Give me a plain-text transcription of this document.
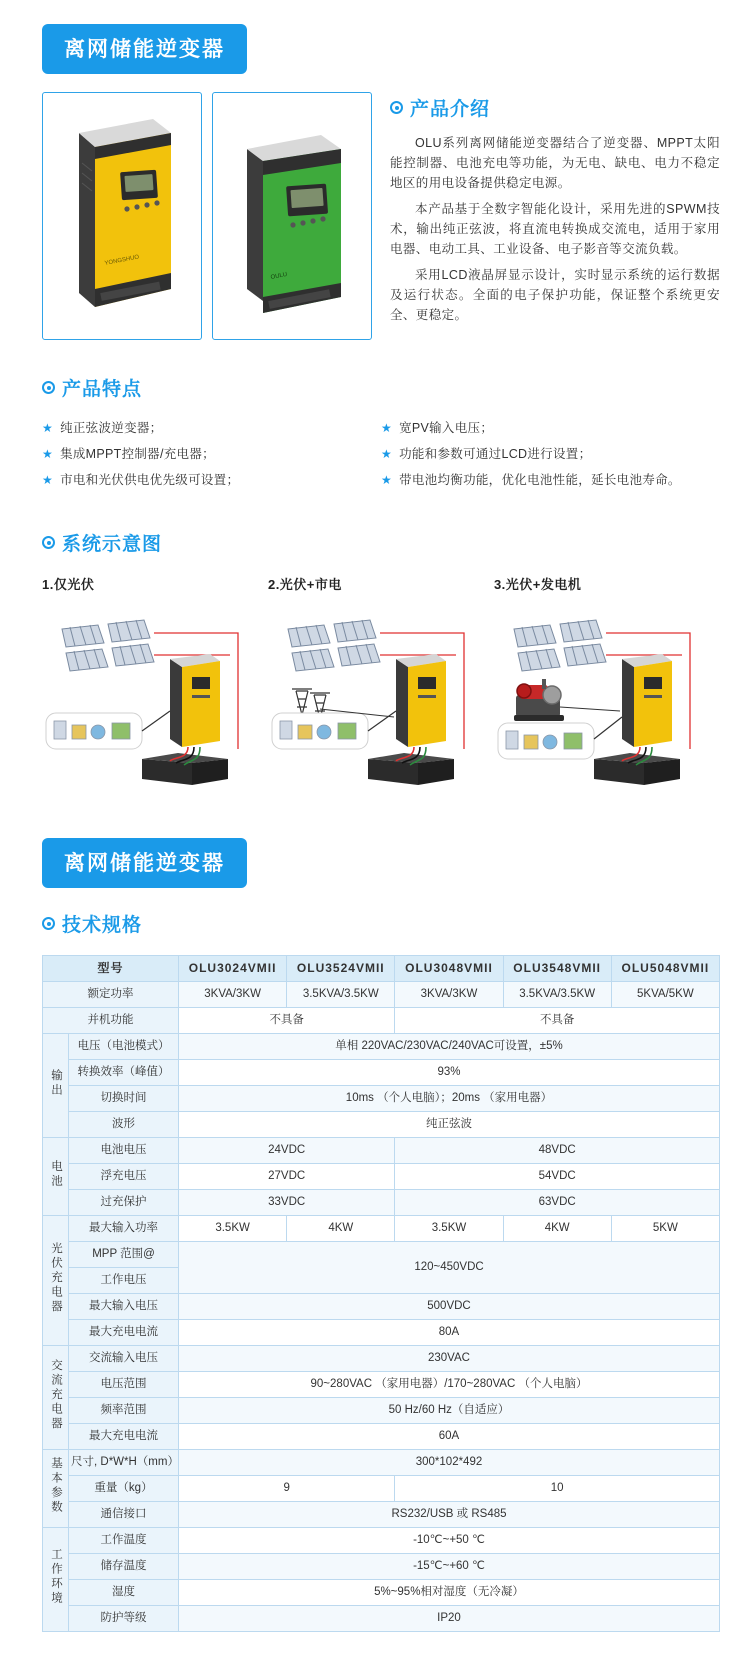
离网储能逆变器
YONGSHUO
OULU
产品介绍

OLU系列离网储能逆变器结合了逆变器、MPPT太阳能控制器、电池充电等功能，为无电、缺电、电力不稳定地区的用电设备提供稳定电源。

本产品基于全数字智能化设计，采用先进的SPWM技术，输出纯正弦波，将直流电转换成交流电，适用于家用电器、电动工具、工业设备、电子影音等交流负载。

采用LCD液晶屏显示设计，实时显示系统的运行数据及运行状态。全面的电子保护功能，保证整个系统更安全、更稳定。

产品特点
★ 纯正弦波逆变器；
★ 集成MPPT控制器/充电器；
★ 市电和光伏供电优先级可设置；
★ 宽PV输入电压；
★ 功能和参数可通过LCD进行设置；
★ 带电池均衡功能，优化电池性能，延长电池寿命。
系统示意图
1.仅光伏	2.光伏+市电	3.光伏+发电机
离网储能逆变器
技术规格
型号		OLU3024VMII	OLU3524VMII	OLU3048VMII	OLU3548VMII	OLU5048VMII
额定功率		3KVA/3KW	3.5KVA/3.5KW	3KVA/3KW	3.5KVA/3.5KW	5KVA/5KW
并机功能		不具备		不具备		
输出	电压（电池模式）	单相 220VAC/230VAC/240VAC可设置，±5%				
	转换效率（峰值）	93%				
	切换时间	10ms （个人电脑）；20ms （家用电器）				
	波形	纯正弦波				
电池	电池电压	24VDC		48VDC		
	浮充电压	27VDC		54VDC		
	过充保护	33VDC		63VDC		
光伏充电器	最大输入功率	3.5KW	4KW	3.5KW	4KW	5KW
	MPP 范围@	120~450VDC				
	工作电压					
	最大输入电压	500VDC				
	最大充电电流	80A				
交流充电器	交流输入电压	230VAC				
	电压范围	90~280VAC （家用电器）/170~280VAC （个人电脑）				
	频率范围	50 Hz/60 Hz（自适应）				
	最大充电电流	60A				
基本参数	尺寸, D*W*H（mm）	300*102*492				
	重量（kg）	9		10		
	通信接口	RS232/USB 或 RS485				
工作环境	工作温度	-10℃~+50 ℃				
	储存温度	-15℃~+60 ℃				
	湿度	5%~95%相对湿度（无冷凝）				
	防护等级	IP20				
